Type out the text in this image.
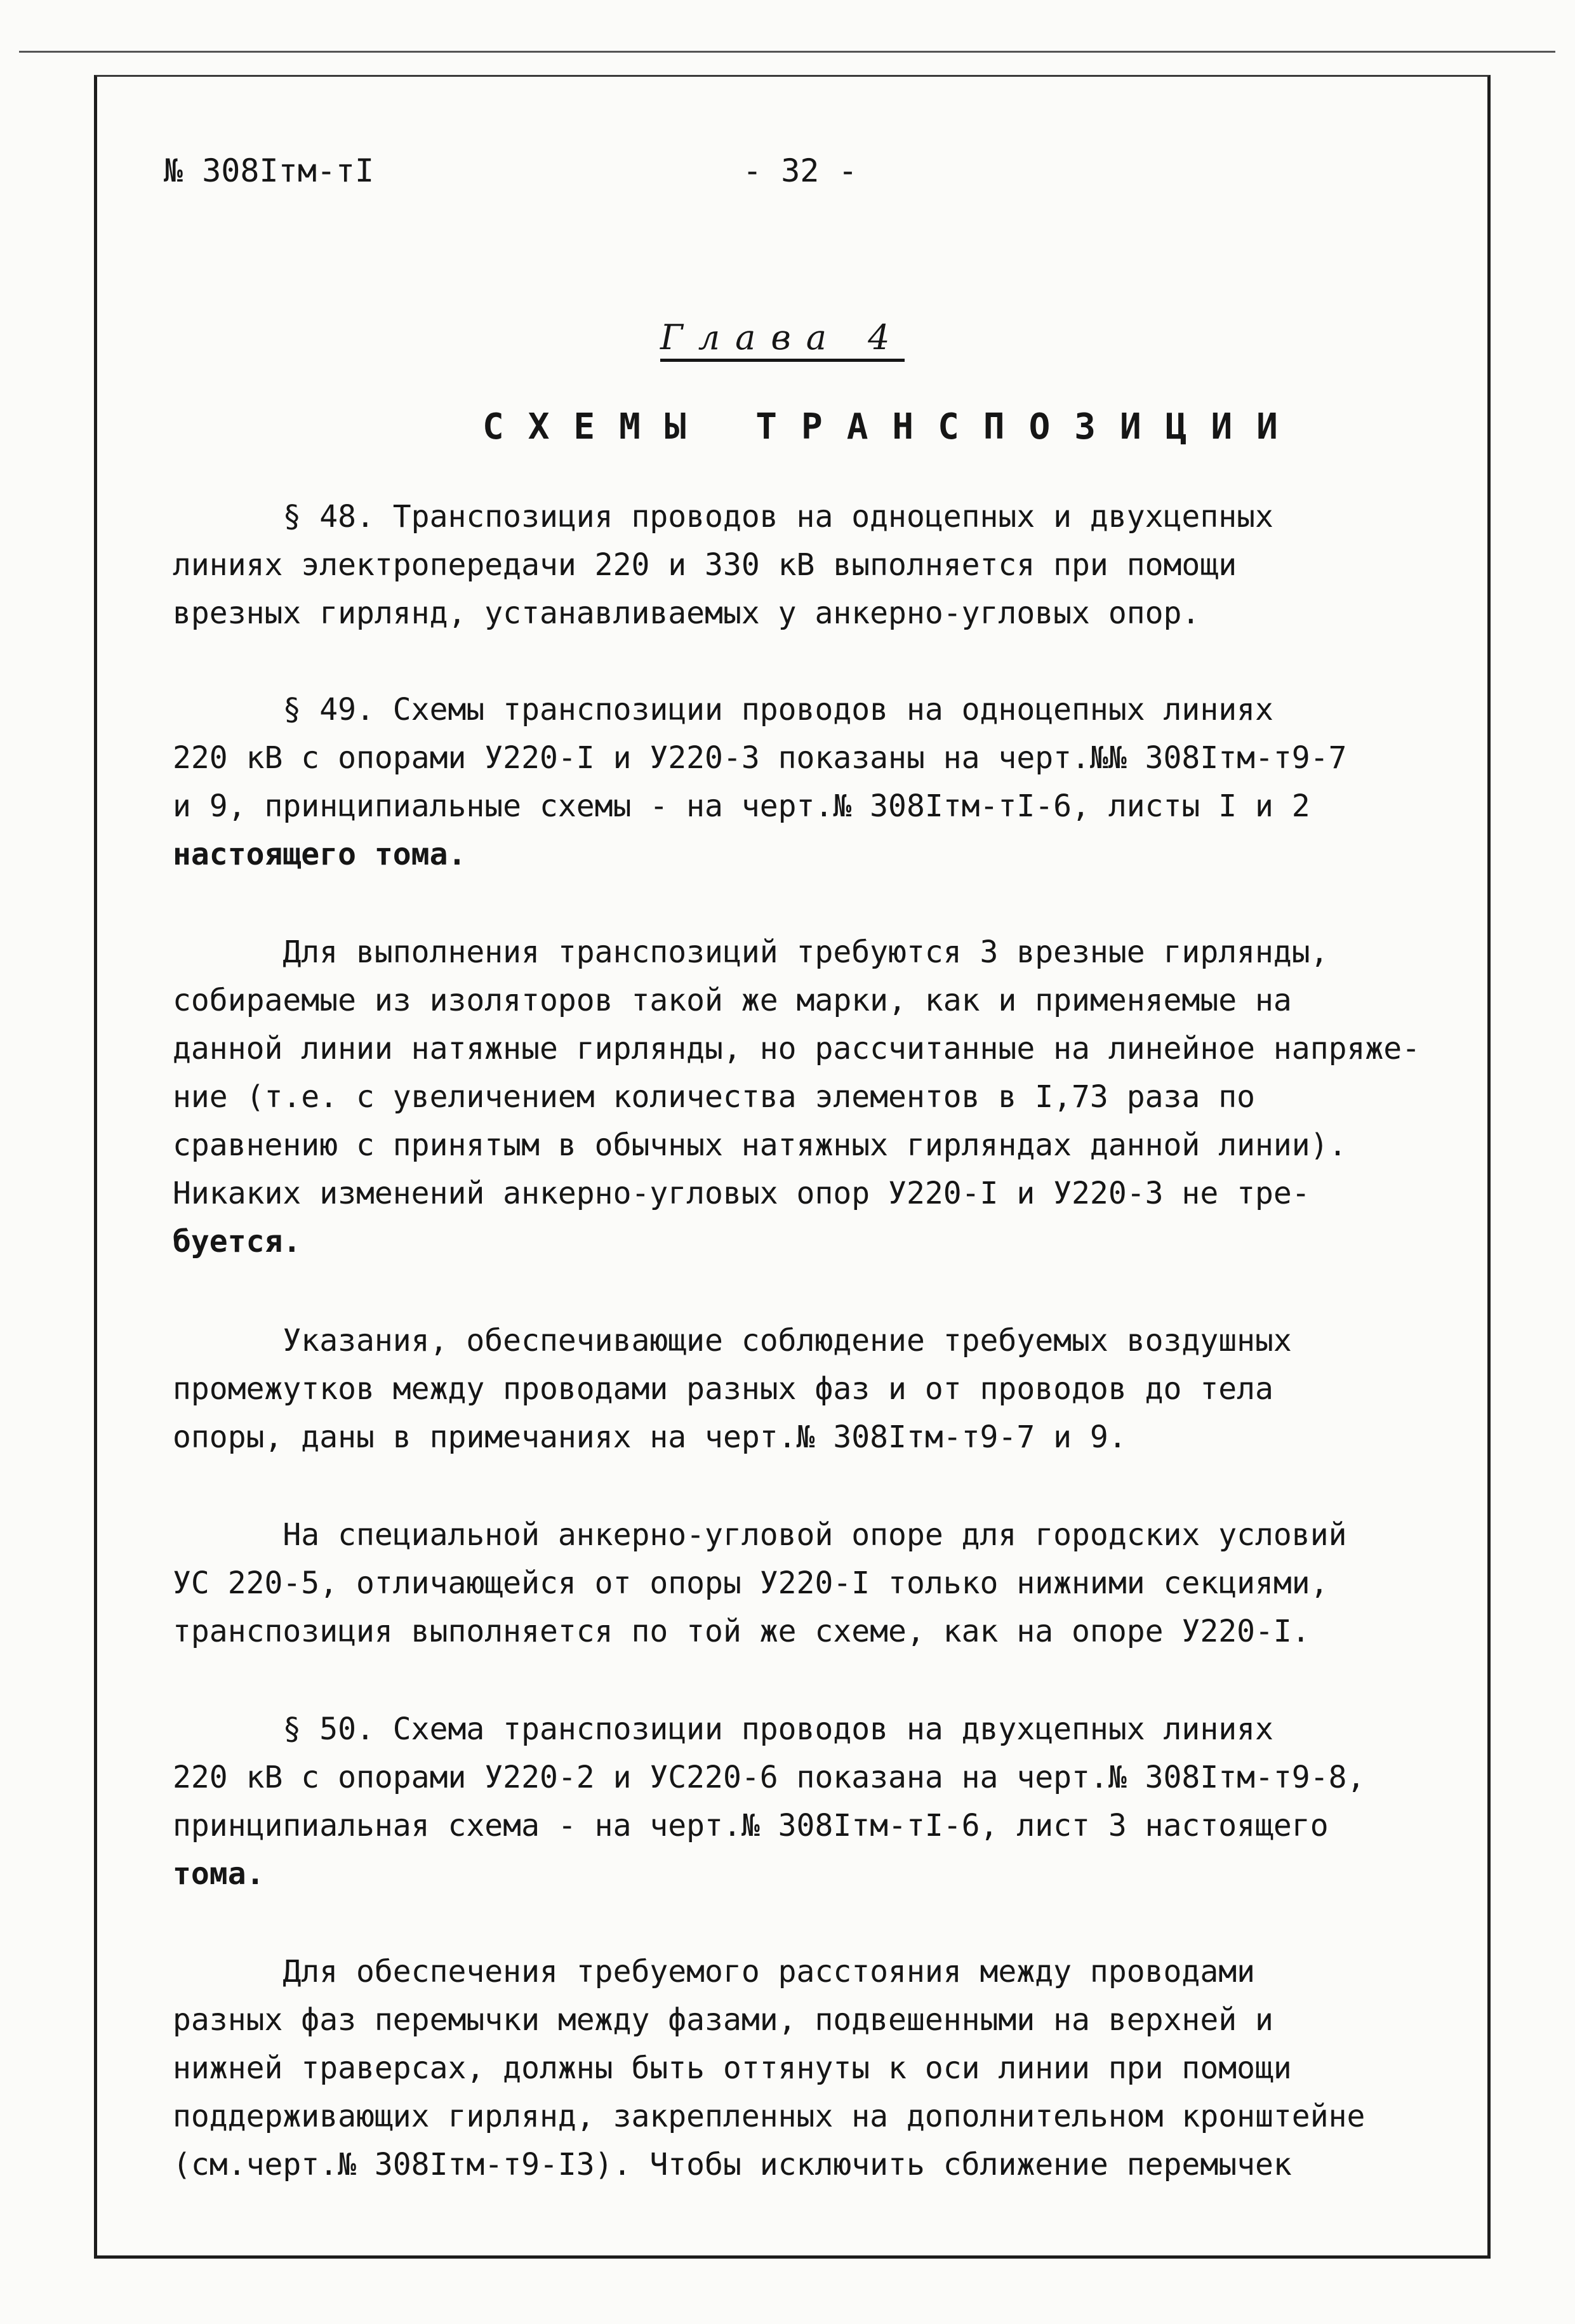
№ 308Iтм-тI	- 32 -
Глава 4
СХЕМЫ ТРАНСПОЗИЦИИ
§ 48. Транспозиция проводов на одноцепных и двухцепных
линиях электропередачи 220 и 330 кВ выполняется при помощи
врезных гирлянд, устанавливаемых у анкерно-угловых опор.
§ 49. Схемы транспозиции проводов на одноцепных линиях
220 кВ с опорами У220-I и У220-3 показаны на черт.№№ 308Iтм-т9-7
и 9, принципиальные схемы - на черт.№ 308Iтм-тI-6, листы I и 2
настоящего тома.
Для выполнения транспозиций требуются 3 врезные гирлянды,
собираемые из изоляторов такой же марки, как и применяемые на
данной линии натяжные гирлянды, но рассчитанные на линейное напряже-
ние (т.е. с увеличением количества элементов в I,73 раза по
сравнению с принятым в обычных натяжных гирляндах данной линии).
Никаких изменений анкерно-угловых опор У220-I и У220-3 не тре-
буется.
Указания, обеспечивающие соблюдение требуемых воздушных
промежутков между проводами разных фаз и от проводов до тела
опоры, даны в примечаниях на черт.№ 308Iтм-т9-7 и 9.
На специальной анкерно-угловой опоре для городских условий
УС 220-5, отличающейся от опоры У220-I только нижними секциями,
транспозиция выполняется по той же схеме, как на опоре У220-I.
§ 50. Схема транспозиции проводов на двухцепных линиях
220 кВ с опорами У220-2 и УС220-6 показана на черт.№ 308Iтм-т9-8,
принципиальная схема - на черт.№ 308Iтм-тI-6, лист 3 настоящего
тома.
Для обеспечения требуемого расстояния между проводами
разных фаз перемычки между фазами, подвешенными на верхней и
нижней траверсах, должны быть оттянуты к оси линии при помощи
поддерживающих гирлянд, закрепленных на дополнительном кронштейне
(см.черт.№ 308Iтм-т9-I3). Чтобы исключить сближение перемычек
